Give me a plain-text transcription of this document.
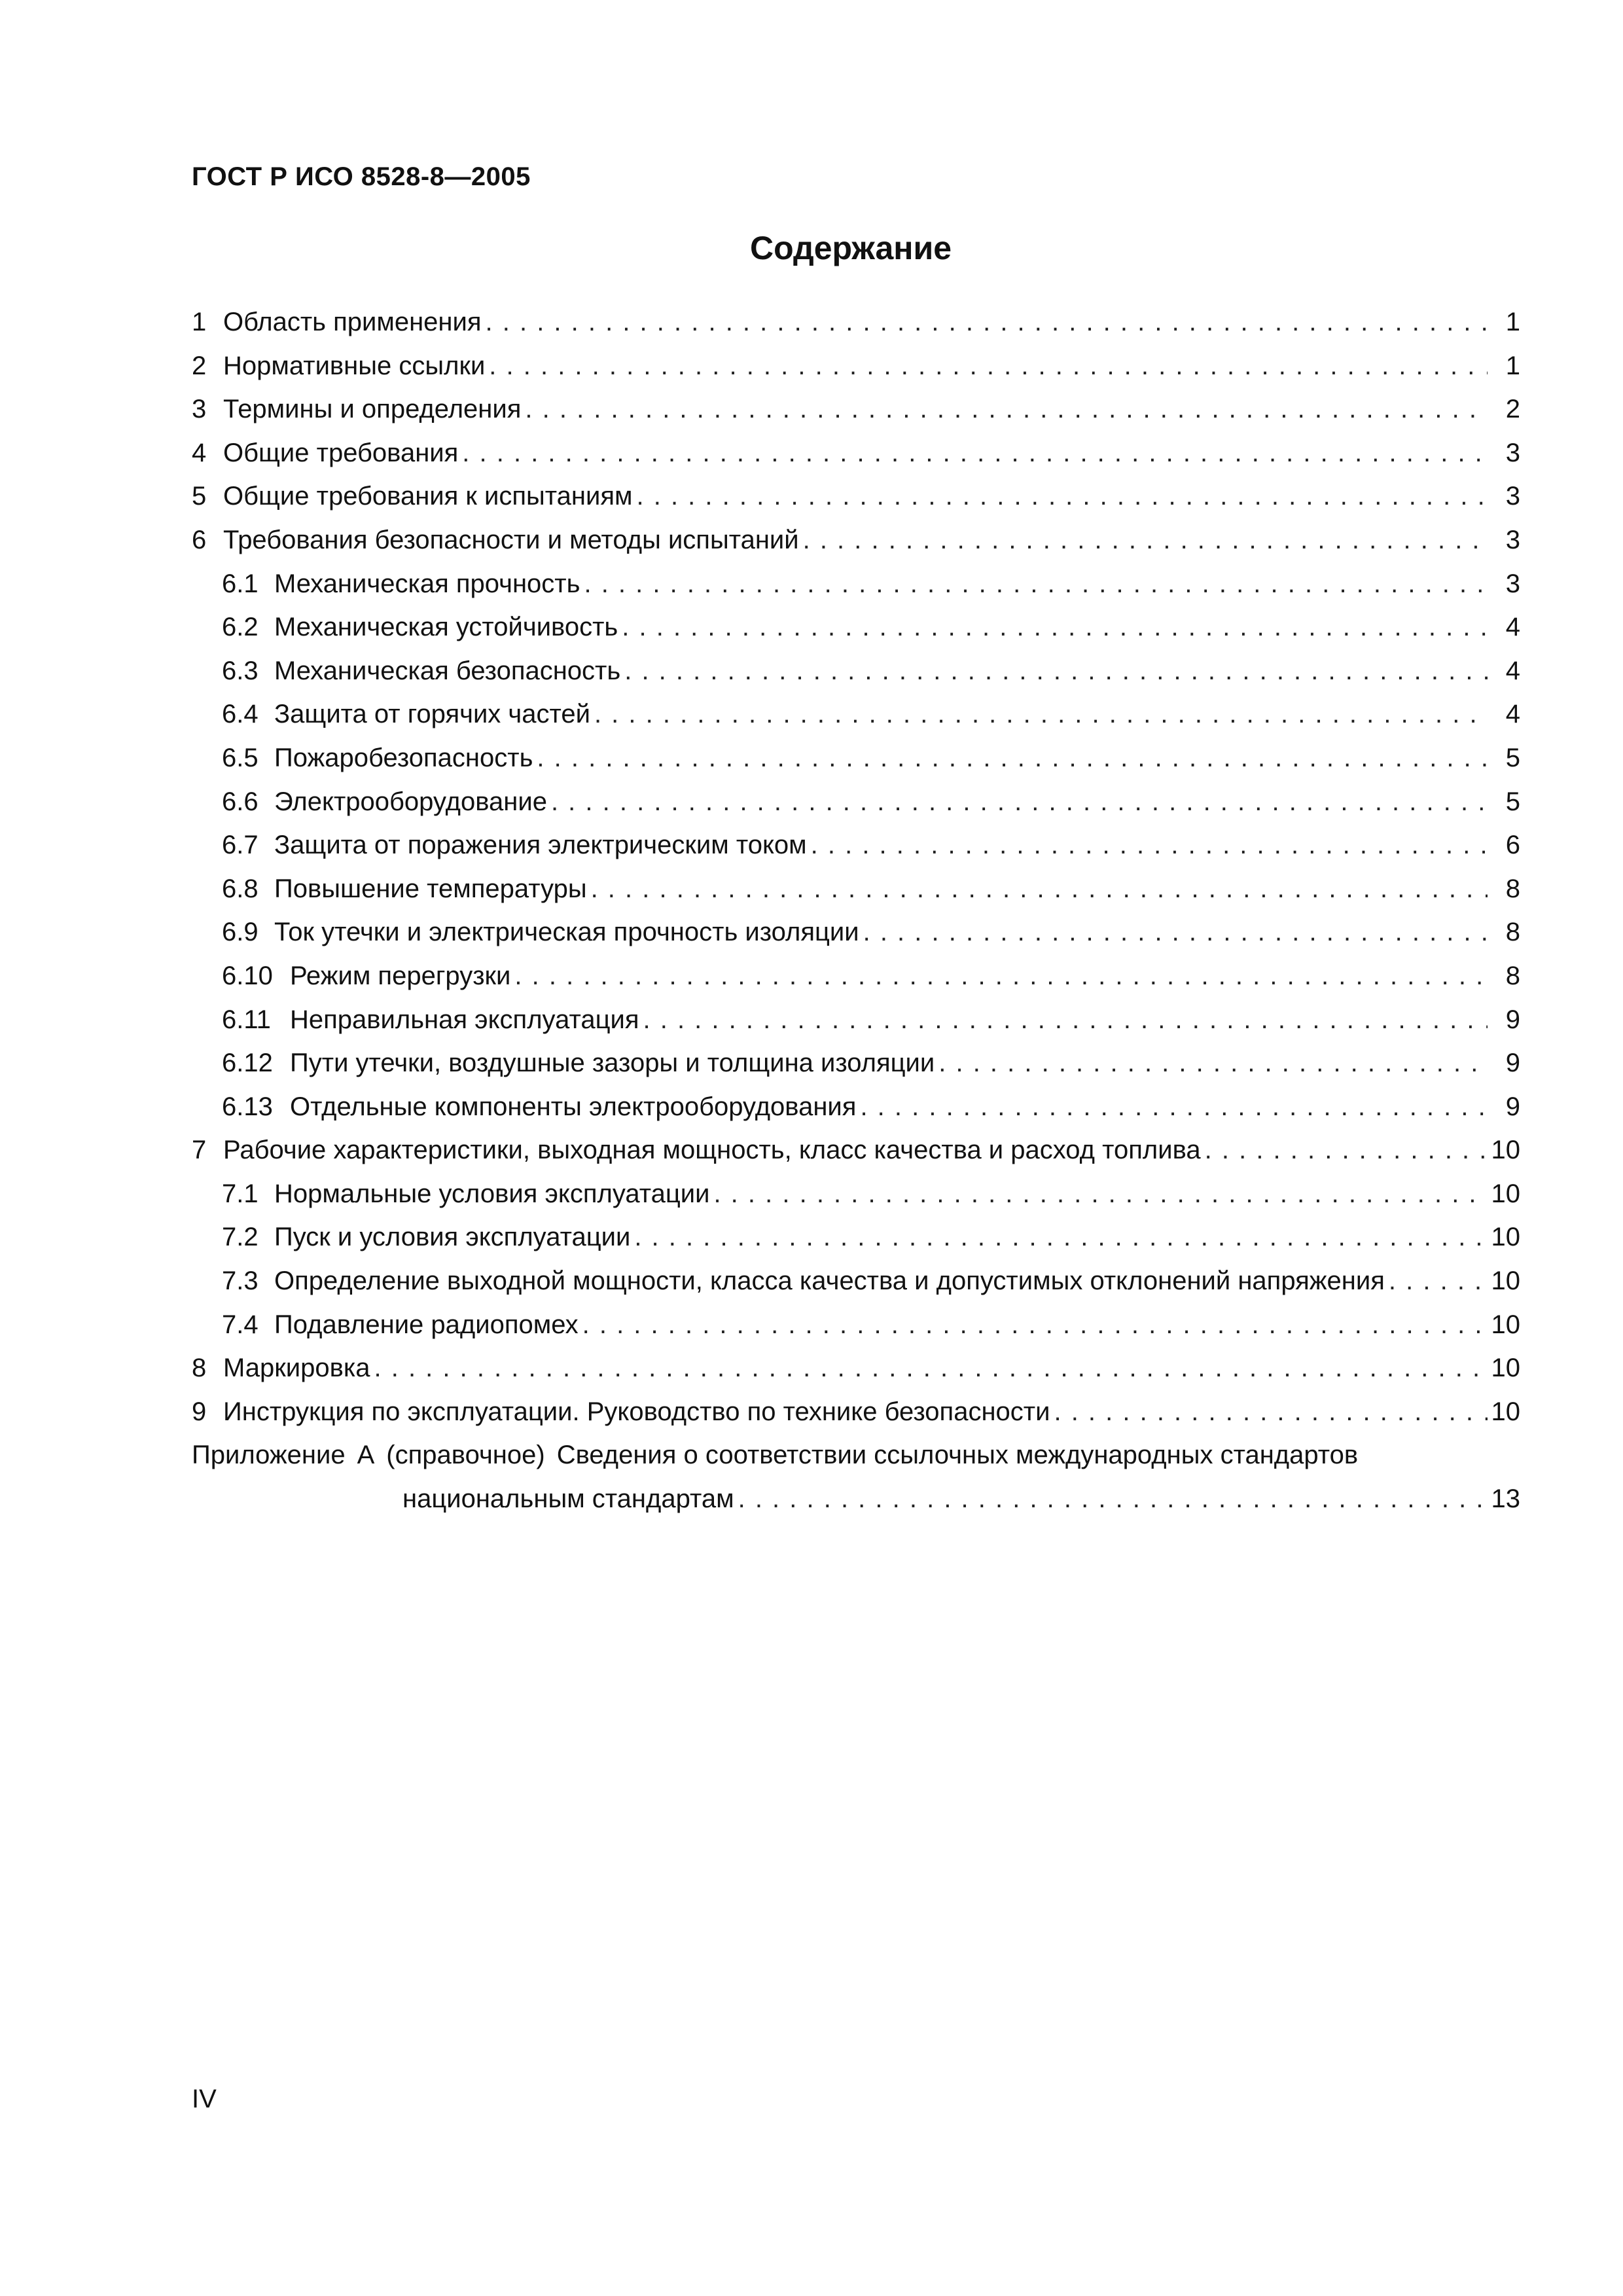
ГОСТ Р ИСО 8528-8—2005
Содержание
1 Область применения . . .	1
2 Нормативные ссылки . . .	1
3 Термины и определения . . .	2
4 Общие требования . . .	3
5 Общие требования к испытаниям . . .	3
6 Требования безопасности и методы испытаний . . .	3
6.1 Механическая прочность . . .	3
6.2 Механическая устойчивость . . .	4
6.3 Механическая безопасность . . .	4
6.4 Защита от горячих частей . . .	4
6.5 Пожаробезопасность . . .	5
6.6 Электрооборудование . . .	5
6.7 Защита от поражения электрическим током . . .	6
6.8 Повышение температуры . . .	8
6.9 Ток утечки и электрическая прочность изоляции . . .	8
6.10 Режим перегрузки . . .	8
6.11 Неправильная эксплуатация . . .	9
6.12 Пути утечки, воздушные зазоры и толщина изоляции . . .	9
6.13 Отдельные компоненты электрооборудования . . .	9
7 Рабочие характеристики, выходная мощность, класс качества и расход топлива . . .	10
7.1 Нормальные условия эксплуатации . . .	10
7.2 Пуск и условия эксплуатации . . .	10
7.3 Определение выходной мощности, класса качества и допустимых отклонений напряжения . . .	10
7.4 Подавление радиопомех . . .	10
8 Маркировка . . .	10
9 Инструкция по эксплуатации. Руководство по технике безопасности . . .	10
Приложение А (справочное) Сведения о соответствии ссылочных международных стандартов
национальным стандартам . . .	13
IV
